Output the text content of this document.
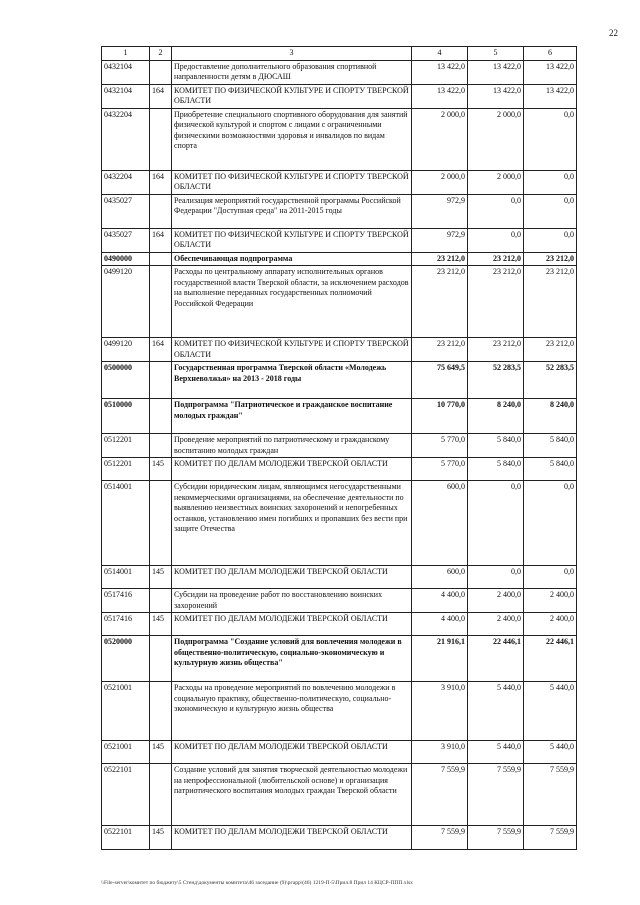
22
1	2	3	4	5	6
0432104		Предоставление дополнительного образования спортивной направленности детям в ДЮСАШ	13 422,0	13 422,0	13 422,0
0432104	164	КОМИТЕТ ПО ФИЗИЧЕСКОЙ КУЛЬТУРЕ И СПОРТУ ТВЕРСКОЙ ОБЛАСТИ	13 422,0	13 422,0	13 422,0
0432204		Приобретение специального спортивного оборудования для занятий физической культурой и спортом с лицами с ограниченными физическими возможностями здоровья и инвалидов по видам спорта	2 000,0	2 000,0	0,0
0432204	164	КОМИТЕТ ПО ФИЗИЧЕСКОЙ КУЛЬТУРЕ И СПОРТУ ТВЕРСКОЙ ОБЛАСТИ	2 000,0	2 000,0	0,0
0435027		Реализация мероприятий государственной программы Российской Федерации "Доступная среда" на 2011-2015 годы	972,9	0,0	0,0
0435027	164	КОМИТЕТ ПО ФИЗИЧЕСКОЙ КУЛЬТУРЕ И СПОРТУ ТВЕРСКОЙ ОБЛАСТИ	972,9	0,0	0,0
0490000		Обеспечивающая подпрограмма	23 212,0	23 212,0	23 212,0
0499120		Расходы по центральному аппарату исполнительных органов государственной власти Тверской области, за исключением расходов на выполнение переданных государственных полномочий Российской Федерации	23 212,0	23 212,0	23 212,0
0499120	164	КОМИТЕТ ПО ФИЗИЧЕСКОЙ КУЛЬТУРЕ И СПОРТУ ТВЕРСКОЙ ОБЛАСТИ	23 212,0	23 212,0	23 212,0
0500000		Государственная программа Тверской области «Молодежь Верхневолжья» на 2013 - 2018 годы	75 649,5	52 283,5	52 283,5
0510000		Подпрограмма "Патриотическое и гражданское воспитание молодых граждан"	10 770,0	8 240,0	8 240,0
0512201		Проведение мероприятий по патриотическому и гражданскому воспитанию молодых граждан	5 770,0	5 840,0	5 840,0
0512201	145	КОМИТЕТ ПО ДЕЛАМ МОЛОДЕЖИ ТВЕРСКОЙ ОБЛАСТИ	5 770,0	5 840,0	5 840,0
0514001		Субсидии юридическим лицам, являющимся негосударственными некоммерческими организациями, на обеспечение деятельности по выявлению неизвестных воинских захоронений и непогребенных останков, установлению имен погибших и пропавших без вести при защите Отечества	600,0	0,0	0,0
0514001	145	КОМИТЕТ ПО ДЕЛАМ МОЛОДЕЖИ ТВЕРСКОЙ ОБЛАСТИ	600,0	0,0	0,0
0517416		Субсидии на проведение работ по восстановлению воинских захоронений	4 400,0	2 400,0	2 400,0
0517416	145	КОМИТЕТ ПО ДЕЛАМ МОЛОДЕЖИ ТВЕРСКОЙ ОБЛАСТИ	4 400,0	2 400,0	2 400,0
0520000		Подпрограмма "Создание условий для вовлечения молодежи в общественно-политическую, социально-экономическую и культурную жизнь общества"	21 916,1	22 446,1	22 446,1
0521001		Расходы на проведение мероприятий по вовлечению молодежи в социальную практику, общественно-политическую, социально-экономическую и культурную жизнь общества	3 910,0	5 440,0	5 440,0
0521001	145	КОМИТЕТ ПО ДЕЛАМ МОЛОДЕЖИ ТВЕРСКОЙ ОБЛАСТИ	3 910,0	5 440,0	5 440,0
0522101		Создание условий для занятия творческой деятельностью молодежи на непрофессиональной (любительской основе) и организация патриотического воспитания молодых граждан Тверской области	7 559,9	7 559,9	7 559,9
0522101	145	КОМИТЕТ ПО ДЕЛАМ МОЛОДЕЖИ ТВЕРСКОЙ ОБЛАСТИ	7 559,9	7 559,9	7 559,9
\\File-server\комитет по бюджету\5 Стенд\документы комитета\46 заседание (9)\ргарр\(46) 1219-П-5\Прил.8 Прил 14 КЦСР-ППП.xlsx
